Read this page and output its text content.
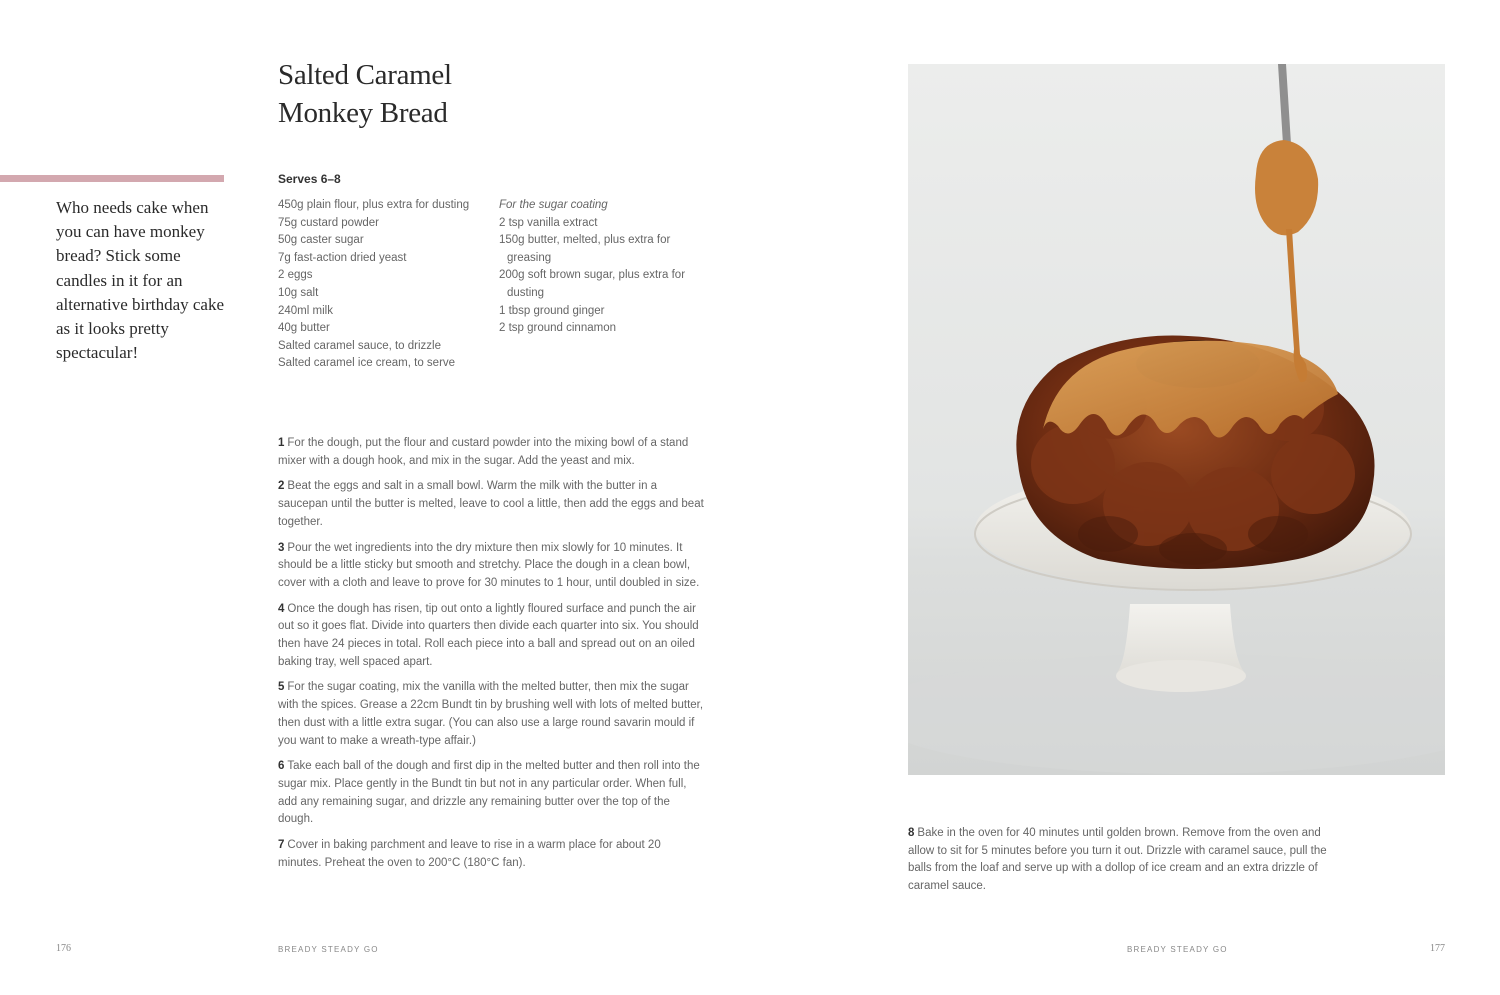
Salted Caramel
Monkey Bread

Who needs cake when you can have monkey bread? Stick some candles in it for an alternative birthday cake as it looks pretty spectacular!

Serves 6–8

450g plain flour, plus extra for dusting
75g custard powder
50g caster sugar
7g fast-action dried yeast
2 eggs
10g salt
240ml milk
40g butter
Salted caramel sauce, to drizzle
Salted caramel ice cream, to serve
For the sugar coating
2 tsp vanilla extract
150g butter, melted, plus extra for greasing
200g soft brown sugar, plus extra for dusting
1 tbsp ground ginger
2 tsp ground cinnamon

1 For the dough, put the flour and custard powder into the mixing bowl of a stand mixer with a dough hook, and mix in the sugar. Add the yeast and mix.

2 Beat the eggs and salt in a small bowl. Warm the milk with the butter in a saucepan until the butter is melted, leave to cool a little, then add the eggs and beat together.

3 Pour the wet ingredients into the dry mixture then mix slowly for 10 minutes. It should be a little sticky but smooth and stretchy. Place the dough in a clean bowl, cover with a cloth and leave to prove for 30 minutes to 1 hour, until doubled in size.

4 Once the dough has risen, tip out onto a lightly floured surface and punch the air out so it goes flat. Divide into quarters then divide each quarter into six. You should then have 24 pieces in total. Roll each piece into a ball and spread out on an oiled baking tray, well spaced apart.

5 For the sugar coating, mix the vanilla with the melted butter, then mix the sugar with the spices. Grease a 22cm Bundt tin by brushing well with lots of melted butter, then dust with a little extra sugar. (You can also use a large round savarin mould if you want to make a wreath-type affair.)

6 Take each ball of the dough and first dip in the melted butter and then roll into the sugar mix. Place gently in the Bundt tin but not in any particular order. When full, add any remaining sugar, and drizzle any remaining butter over the top of the dough.

7 Cover in baking parchment and leave to rise in a warm place for about 20 minutes. Preheat the oven to 200°C (180°C fan).

8 Bake in the oven for 40 minutes until golden brown. Remove from the oven and allow to sit for 5 minutes before you turn it out. Drizzle with caramel sauce, pull the balls from the loaf and serve up with a dollop of ice cream and an extra drizzle of caramel sauce.

176	BREADY STEADY GO	BREADY STEADY GO	177
